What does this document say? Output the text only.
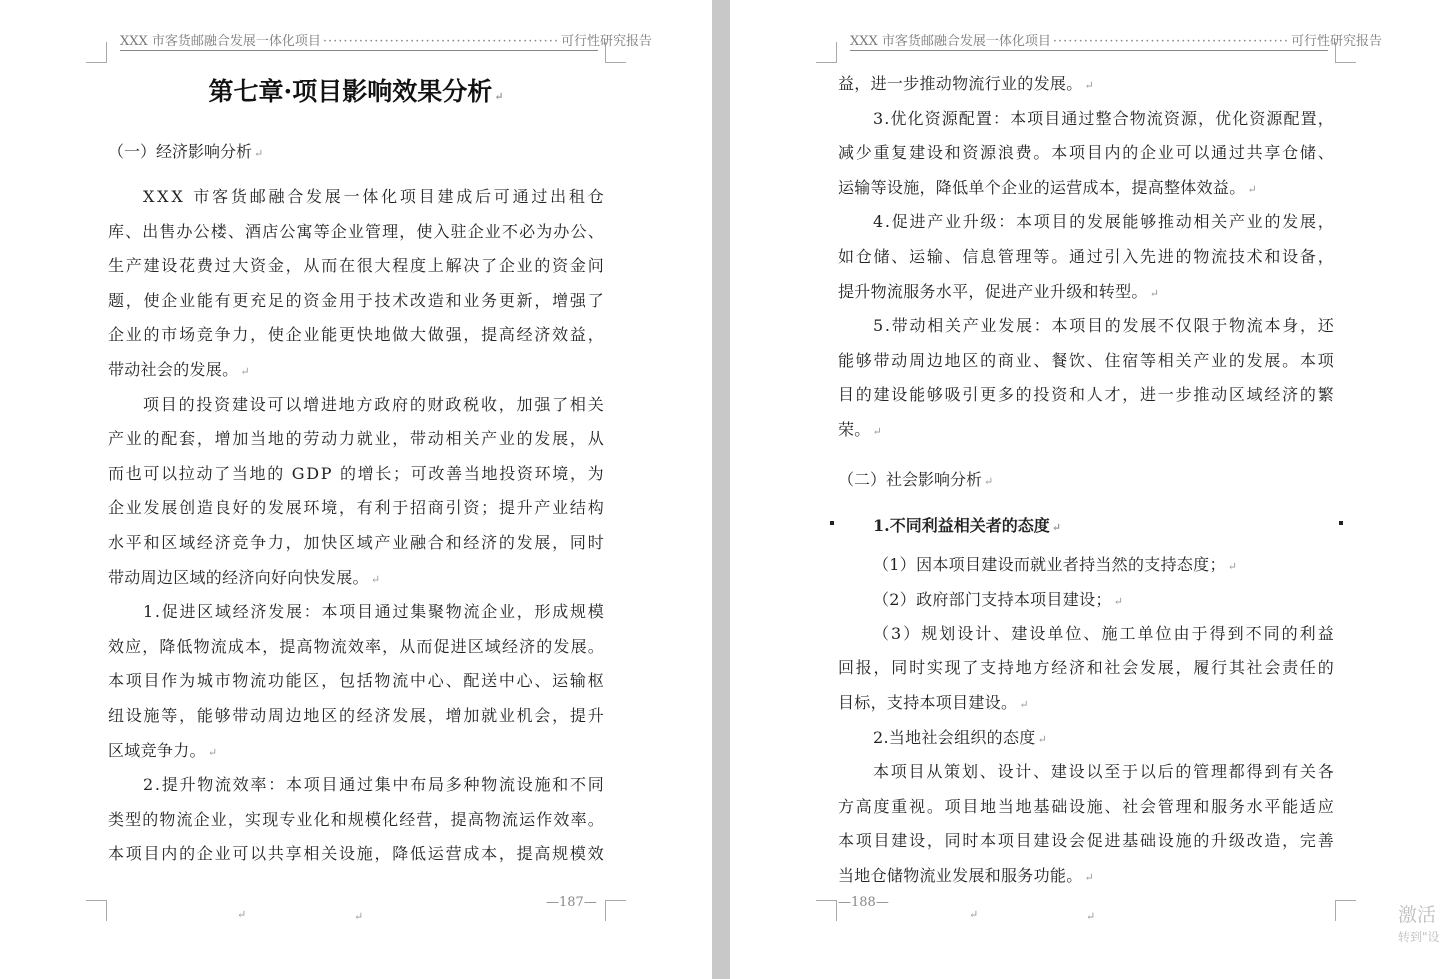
XXX 市客货邮融合发展一体化项目 ·············································· 可行性研究报告
第七章·项目影响效果分析 ↵
（一）经济影响分析 ↵
XXX 市客货邮融合发展一体化项目建成后可通过出租仓
库、出售办公楼、酒店公寓等企业管理，使入驻企业不必为办公、
生产建设花费过大资金，从而在很大程度上解决了企业的资金问
题，使企业能有更充足的资金用于技术改造和业务更新，增强了
企业的市场竞争力，使企业能更快地做大做强，提高经济效益，
带动社会的发展。 ↵
项目的投资建设可以增进地方政府的财政税收，加强了相关
产业的配套，增加当地的劳动力就业，带动相关产业的发展，从
而也可以拉动了当地的 GDP 的增长；可改善当地投资环境，为
企业发展创造良好的发展环境，有利于招商引资；提升产业结构
水平和区域经济竞争力，加快区域产业融合和经济的发展，同时
带动周边区域的经济向好向快发展。 ↵
1.促进区域经济发展：本项目通过集聚物流企业，形成规模
效应，降低物流成本，提高物流效率，从而促进区域经济的发展。
本项目作为城市物流功能区，包括物流中心、配送中心、运输枢
纽设施等，能够带动周边地区的经济发展，增加就业机会，提升
区域竞争力。 ↵
2.提升物流效率：本项目通过集中布局多种物流设施和不同
类型的物流企业，实现专业化和规模化经营，提高物流运作效率。
本项目内的企业可以共享相关设施，降低运营成本，提高规模效
—187—
↵	↵
XXX 市客货邮融合发展一体化项目 ·············································· 可行性研究报告
益，进一步推动物流行业的发展。 ↵
3.优化资源配置：本项目通过整合物流资源，优化资源配置，
减少重复建设和资源浪费。本项目内的企业可以通过共享仓储、
运输等设施，降低单个企业的运营成本，提高整体效益。 ↵
4.促进产业升级：本项目的发展能够推动相关产业的发展，
如仓储、运输、信息管理等。通过引入先进的物流技术和设备，
提升物流服务水平，促进产业升级和转型。 ↵
5.带动相关产业发展：本项目的发展不仅限于物流本身，还
能够带动周边地区的商业、餐饮、住宿等相关产业的发展。本项
目的建设能够吸引更多的投资和人才，进一步推动区域经济的繁
荣。 ↵
（二）社会影响分析 ↵
1.不同利益相关者的态度 ↵
（1）因本项目建设而就业者持当然的支持态度； ↵
（2）政府部门支持本项目建设； ↵
（3）规划设计、建设单位、施工单位由于得到不同的利益
回报，同时实现了支持地方经济和社会发展，履行其社会责任的
目标，支持本项目建设。 ↵
2.当地社会组织的态度 ↵
本项目从策划、设计、建设以至于以后的管理都得到有关各
方高度重视。项目地当地基础设施、社会管理和服务水平能适应
本项目建设，同时本项目建设会促进基础设施的升级改造，完善
当地仓储物流业发展和服务功能。 ↵
—188—
↵	↵	激活
转到"设
